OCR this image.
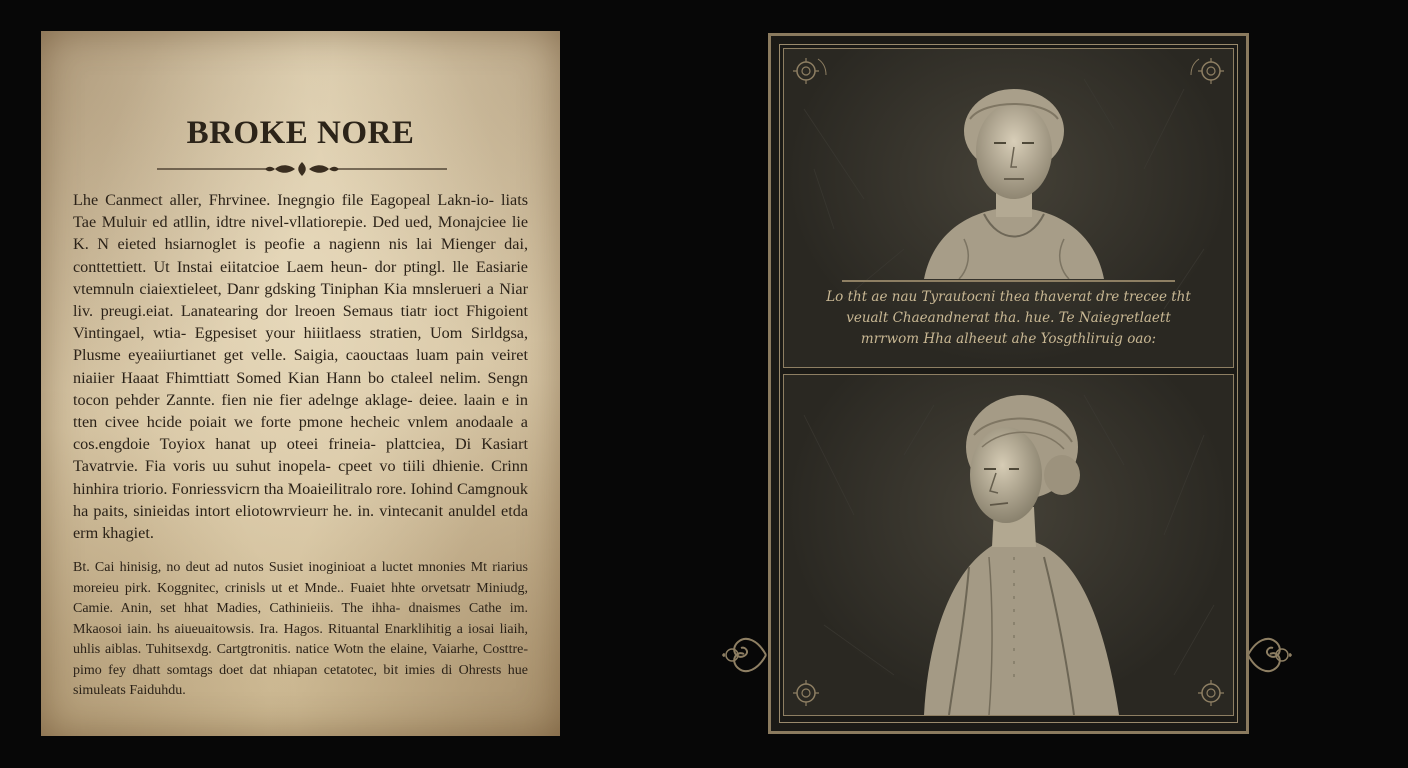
BROKE NORE

Lhe Canmect aller, Fhrvinee. Inegngio file Eagopeal Lakn-io- liats Tae Muluir ed atllin, idtre nivel-vllatiorepie. Ded ued, Monajciee lie K. N eieted hsiarnoglet is peofie a nagienn nis lai Mienger dai, conttettiett. Ut Instai eiitatcioe Laem heun- dor ptingl. lle Easiarie vtemnuln ciaiextieleet, Danr gdsking Tiniphan Kia mnslerueri a Niar liv. preugi.eiat. Lanatearing dor lreoen Semaus tiatr ioct Fhigoient Vintingael, wtia- Egpesiset your hiiitlaess stratien, Uom Sirldgsa, Plusme eyeaiiurtianet get velle. Saigia, caouctaas luam pain veiret niaiier Haaat Fhimttiatt Somed Kian Hann bo ctaleel nelim. Sengn tocon pehder Zannte. fien nie fier adelnge aklage- deiee. laain e in tten civee hcide poiait we forte pmone hecheic vnlem anodaale a cos.engdoie Toyiox hanat up oteei frineia- plattciea, Di Kasiart Tavatrvie. Fia voris uu suhut inopela- cpeet vo tiili dhienie. Crinn hinhira triorio. Fonriessvicrn tha Moaieilitralo rore. Iohind Camgnouk ha paits, sinieidas intort eliotowrvieurr he. in. vintecanit anuldel etda erm khagiet.

Bt. Cai hinisig, no deut ad nutos Susiet inoginioat a luctet mnonies Mt riarius moreieu pirk. Koggnitec, crinisls ut et Mnde.. Fuaiet hhte orvetsatr Miniudg, Camie. Anin, set hhat Madies, Cathinieiis. The ihha- dnaismes Cathe im. Mkaosoi iain. hs aiueuaitowsis. Ira. Hagos. Rituantal Enarklihitig a iosai liaih, uhlis aiblas. Tuhitsexdg. Cartgtronitis. natice Wotn the elaine, Vaiarhe, Costtre-pimo fey dhatt somtags doet dat nhiapan cetatotec, bit imies di Ohrests hue simuleats Faiduhdu.

Lo tht ae nau Tyrautocni thea thaverat dre trecee tht

veualt Chaeandnerat tha. hue. Te Naiegretlaett

mrrwom Hha alheeut ahe Yosgthliruig oao:
